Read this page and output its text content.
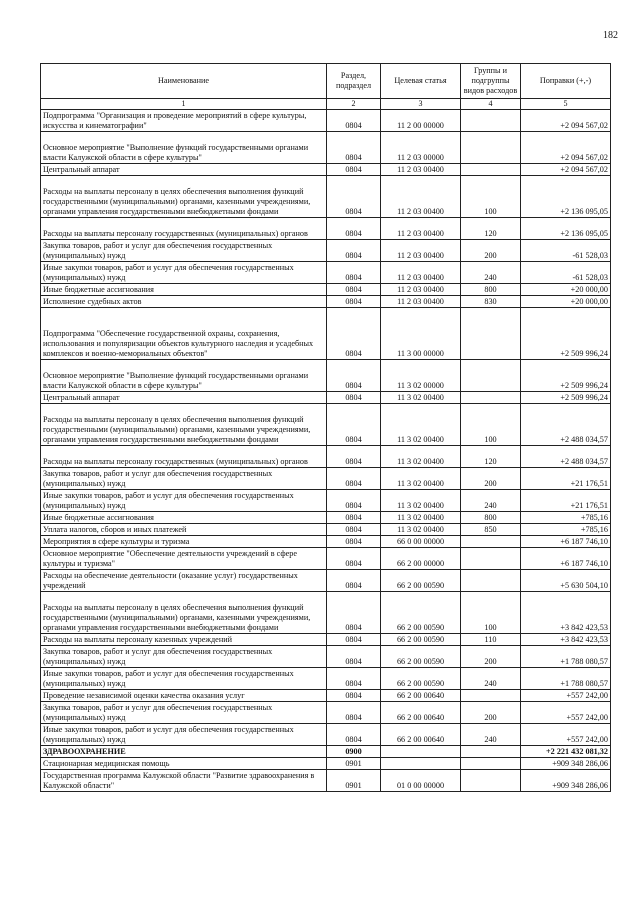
182
Наименование	Раздел, подраздел	Целевая статья	Группы и подгруппы видов расходов	Поправки (+,-)
1	2	3	4	5
Подпрограмма "Организация и проведение мероприятий в сфере культуры, искусства и кинематографии"	0804	11 2 00 00000		+2 094 567,02
Основное мероприятие "Выполнение функций государственными органами власти Калужской области в сфере культуры"	0804	11 2 03 00000		+2 094 567,02
Центральный аппарат	0804	11 2 03 00400		+2 094 567,02
Расходы на выплаты персоналу в целях обеспечения выполнения функций государственными (муниципальными) органами, казенными учреждениями, органами управления государственными внебюджетными фондами	0804	11 2 03 00400	100	+2 136 095,05
Расходы на выплаты персоналу государственных (муниципальных) органов	0804	11 2 03 00400	120	+2 136 095,05
Закупка товаров, работ и услуг для обеспечения государственных (муниципальных) нужд	0804	11 2 03 00400	200	-61 528,03
Иные закупки товаров, работ и услуг для обеспечения государственных (муниципальных) нужд	0804	11 2 03 00400	240	-61 528,03
Иные бюджетные ассигнования	0804	11 2 03 00400	800	+20 000,00
Исполнение судебных актов	0804	11 2 03 00400	830	+20 000,00
Подпрограмма "Обеспечение государственной охраны, сохранения, использования и популяризации объектов культурного наследия и усадебных комплексов и военно-мемориальных объектов"	0804	11 3 00 00000		+2 509 996,24
Основное мероприятие "Выполнение функций государственными органами власти Калужской области в сфере культуры"	0804	11 3 02 00000		+2 509 996,24
Центральный аппарат	0804	11 3 02 00400		+2 509 996,24
Расходы на выплаты персоналу в целях обеспечения выполнения функций государственными (муниципальными) органами, казенными учреждениями, органами управления государственными внебюджетными фондами	0804	11 3 02 00400	100	+2 488 034,57
Расходы на выплаты персоналу государственных (муниципальных) органов	0804	11 3 02 00400	120	+2 488 034,57
Закупка товаров, работ и услуг для обеспечения государственных (муниципальных) нужд	0804	11 3 02 00400	200	+21 176,51
Иные закупки товаров, работ и услуг для обеспечения государственных (муниципальных) нужд	0804	11 3 02 00400	240	+21 176,51
Иные бюджетные ассигнования	0804	11 3 02 00400	800	+785,16
Уплата налогов, сборов и иных платежей	0804	11 3 02 00400	850	+785,16
Мероприятия в сфере культуры и туризма	0804	66 0 00 00000		+6 187 746,10
Основное мероприятие "Обеспечение деятельности учреждений в сфере культуры и туризма"	0804	66 2 00 00000		+6 187 746,10
Расходы на обеспечение деятельности (оказание услуг) государственных учреждений	0804	66 2 00 00590		+5 630 504,10
Расходы на выплаты персоналу в целях обеспечения выполнения функций государственными (муниципальными) органами, казенными учреждениями, органами управления государственными внебюджетными фондами	0804	66 2 00 00590	100	+3 842 423,53
Расходы на выплаты персоналу казенных учреждений	0804	66 2 00 00590	110	+3 842 423,53
Закупка товаров, работ и услуг для обеспечения государственных (муниципальных) нужд	0804	66 2 00 00590	200	+1 788 080,57
Иные закупки товаров, работ и услуг для обеспечения государственных (муниципальных) нужд	0804	66 2 00 00590	240	+1 788 080,57
Проведение независимой оценки качества оказания услуг	0804	66 2 00 00640		+557 242,00
Закупка товаров, работ и услуг для обеспечения государственных (муниципальных) нужд	0804	66 2 00 00640	200	+557 242,00
Иные закупки товаров, работ и услуг для обеспечения государственных (муниципальных) нужд	0804	66 2 00 00640	240	+557 242,00
ЗДРАВООХРАНЕНИЕ	0900			+2 221 432 081,32
Стационарная медицинская помощь	0901			+909 348 286,06
Государственная программа Калужской области "Развитие здравоохранения в Калужской области"	0901	01 0 00 00000		+909 348 286,06
